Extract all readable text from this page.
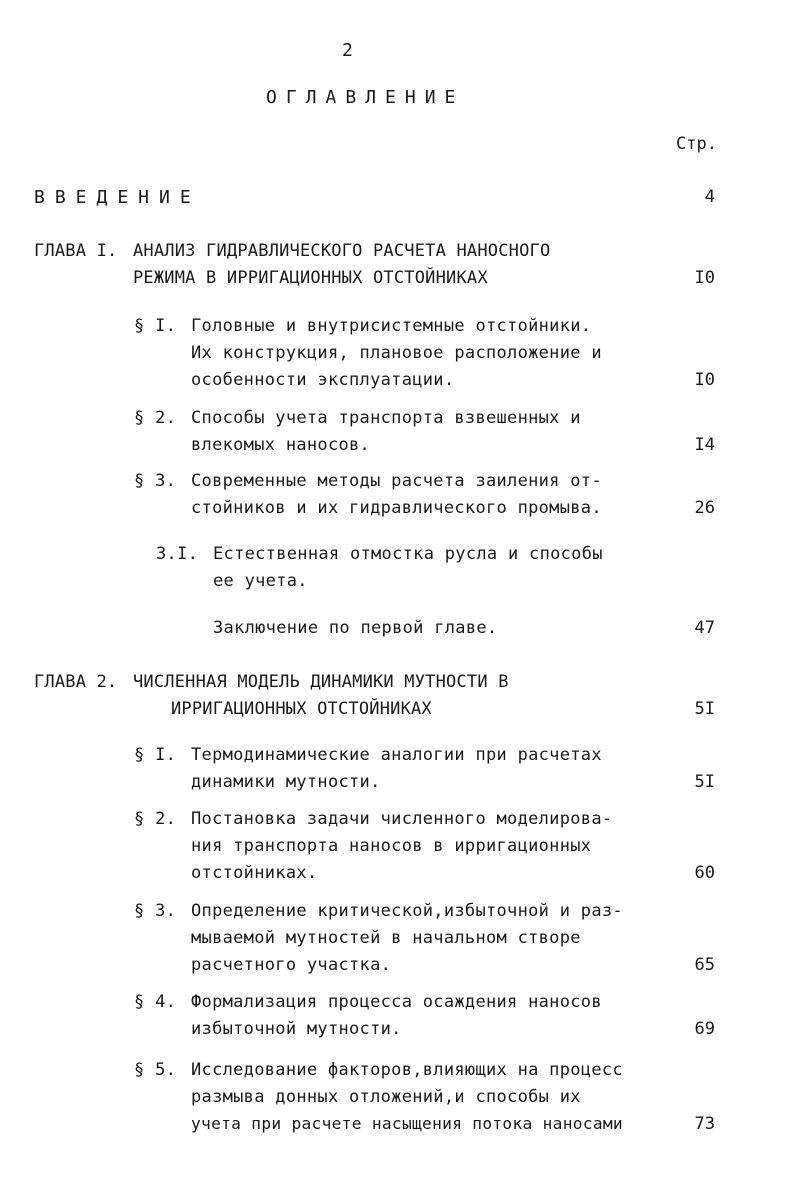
2
ОГЛАВЛЕНИЕ
Стр.
ВВЕДЕНИЕ	4
ГЛАВА I. АНАЛИЗ ГИДРАВЛИЧЕСКОГО РАСЧЕТА НАНОСНОГО
РЕЖИМА В ИРРИГАЦИОННЫХ ОТСТОЙНИКАХ	I0
§ I. Головные и внутрисистемные отстойники.
Их конструкция, плановое расположение и
особенности эксплуатации.	I0
§ 2. Способы учета транспорта взвешенных и
влекомых наносов.	I4
§ 3. Современные методы расчета заиления от-
стойников и их гидравлического промыва.	26
3.I. Естественная отмостка русла и способы
ее учета.
Заключение по первой главе.	47
ГЛАВА 2. ЧИСЛЕННАЯ МОДЕЛЬ ДИНАМИКИ МУТНОСТИ В
ИРРИГАЦИОННЫХ ОТСТОЙНИКАХ	5I
§ I. Термодинамические аналогии при расчетах
динамики мутности.	5I
§ 2. Постановка задачи численного моделирова-
ния транспорта наносов в ирригационных
отстойниках.	60
§ 3. Определение критической,избыточной и раз-
мываемой мутностей в начальном створе
расчетного участка.	65
§ 4. Формализация процесса осаждения наносов
избыточной мутности.	69
§ 5. Исследование факторов,влияющих на процесс
размыва донных отложений,и способы их
учета при расчете насыщения потока наносами	73
